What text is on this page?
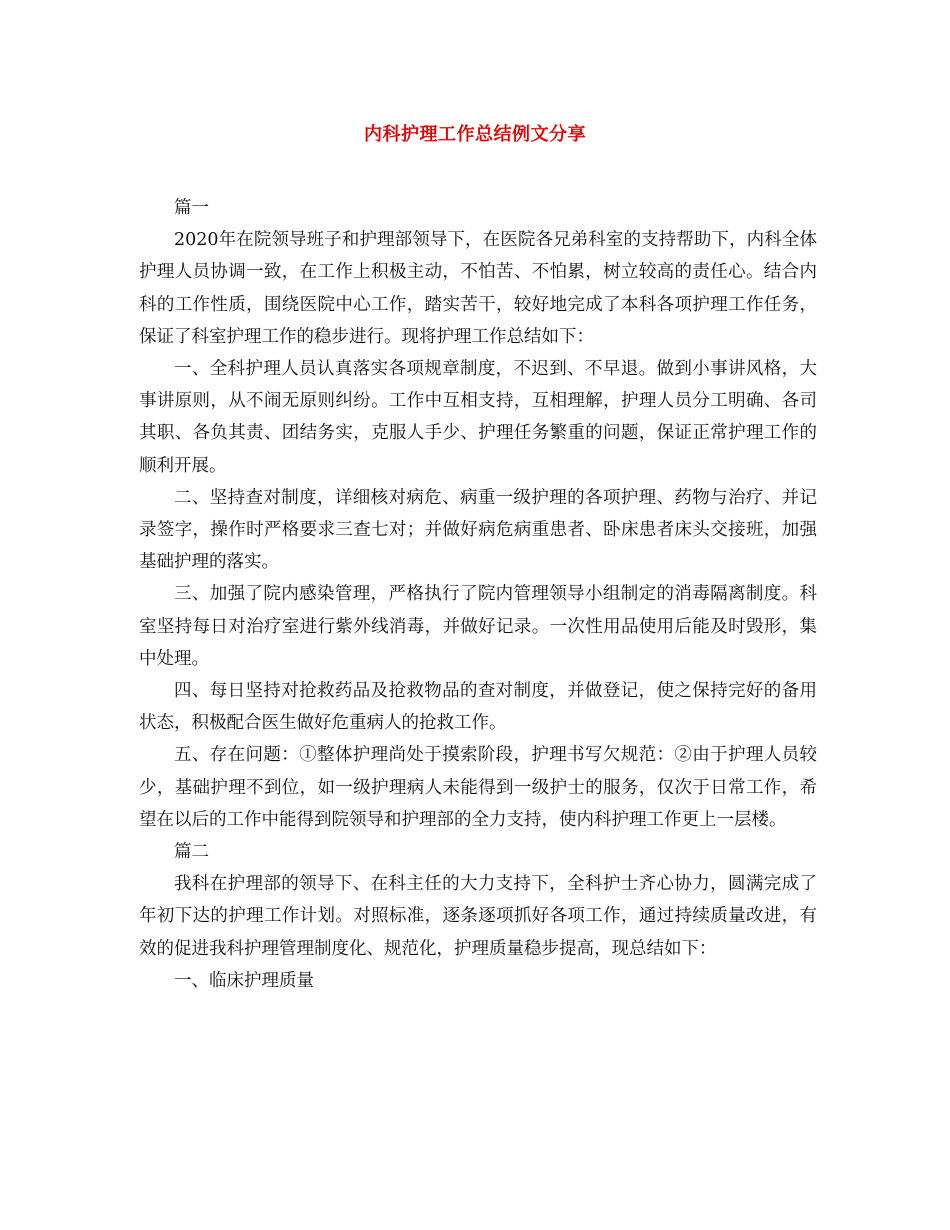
内科护理工作总结例文分享

篇一

2020年在院领导班子和护理部领导下，在医院各兄弟科室的支持帮助下，内科全体护理人员协调一致，在工作上积极主动，不怕苦、不怕累，树立较高的责任心。结合内科的工作性质，围绕医院中心工作，踏实苦干，较好地完成了本科各项护理工作任务，保证了科室护理工作的稳步进行。现将护理工作总结如下：

一、全科护理人员认真落实各项规章制度，不迟到、不早退。做到小事讲风格，大事讲原则，从不闹无原则纠纷。工作中互相支持，互相理解，护理人员分工明确、各司其职、各负其责、团结务实，克服人手少、护理任务繁重的问题，保证正常护理工作的顺利开展。

二、坚持查对制度，详细核对病危、病重一级护理的各项护理、药物与治疗、并记录签字，操作时严格要求三查七对；并做好病危病重患者、卧床患者床头交接班，加强基础护理的落实。

三、加强了院内感染管理，严格执行了院内管理领导小组制定的消毒隔离制度。科室坚持每日对治疗室进行紫外线消毒，并做好记录。一次性用品使用后能及时毁形，集中处理。

四、每日坚持对抢救药品及抢救物品的查对制度，并做登记，使之保持完好的备用状态，积极配合医生做好危重病人的抢救工作。

五、存在问题：①整体护理尚处于摸索阶段，护理书写欠规范：②由于护理人员较少，基础护理不到位，如一级护理病人未能得到一级护士的服务，仅次于日常工作，希望在以后的工作中能得到院领导和护理部的全力支持，使内科护理工作更上一层楼。

篇二

我科在护理部的领导下、在科主任的大力支持下，全科护士齐心协力，圆满完成了年初下达的护理工作计划。对照标准，逐条逐项抓好各项工作，通过持续质量改进，有效的促进我科护理管理制度化、规范化，护理质量稳步提高，现总结如下：

一、临床护理质量
